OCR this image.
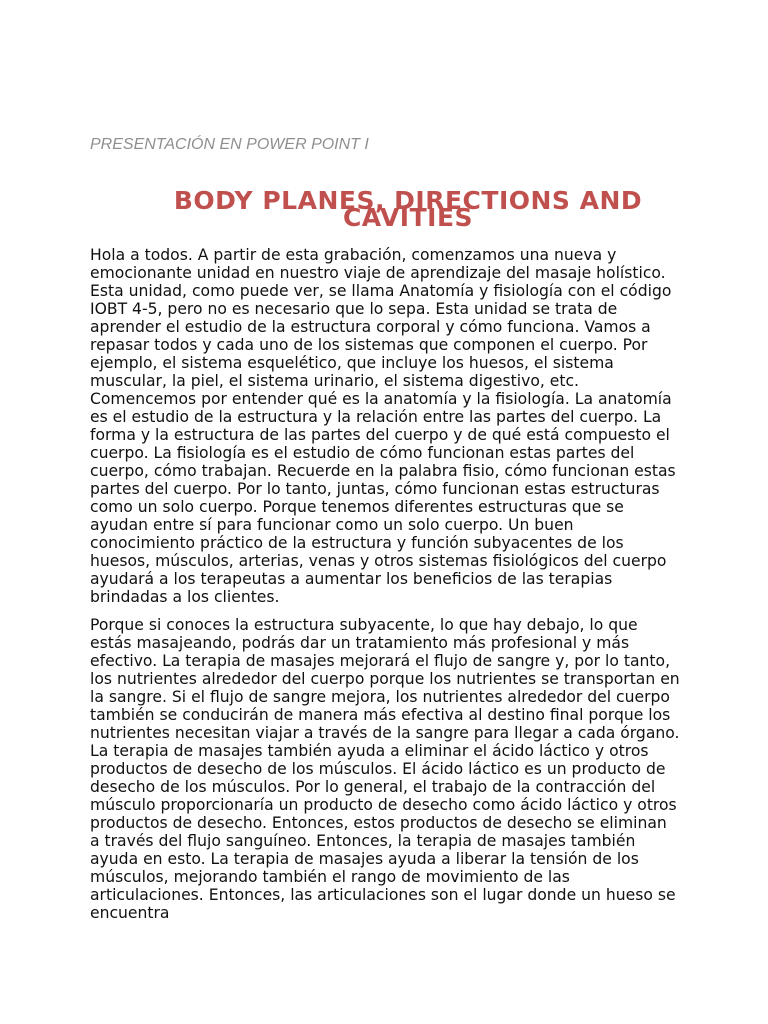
PRESENTACIÓN EN POWER POINT I
BODY PLANES, DIRECTIONS AND CAVITIES

Hola a todos. A partir de esta grabación, comenzamos una nueva y emocionante unidad en nuestro viaje de aprendizaje del masaje holístico. Esta unidad, como puede ver, se llama Anatomía y fisiología con el código IOBT 4-5, pero no es necesario que lo sepa. Esta unidad se trata de aprender el estudio de la estructura corporal y cómo funciona. Vamos a repasar todos y cada uno de los sistemas que componen el cuerpo. Por ejemplo, el sistema esquelético, que incluye los huesos, el sistema muscular, la piel, el sistema urinario, el sistema digestivo, etc. Comencemos por entender qué es la anatomía y la fisiología. La anatomía es el estudio de la estructura y la relación entre las partes del cuerpo. La forma y la estructura de las partes del cuerpo y de qué está compuesto el cuerpo. La fisiología es el estudio de cómo funcionan estas partes del cuerpo, cómo trabajan. Recuerde en la palabra fisio, cómo funcionan estas partes del cuerpo. Por lo tanto, juntas, cómo funcionan estas estructuras como un solo cuerpo. Porque tenemos diferentes estructuras que se ayudan entre sí para funcionar como un solo cuerpo. Un buen conocimiento práctico de la estructura y función subyacentes de los huesos, músculos, arterias, venas y otros sistemas fisiológicos del cuerpo ayudará a los terapeutas a aumentar los beneficios de las terapias brindadas a los clientes.

Porque si conoces la estructura subyacente, lo que hay debajo, lo que estás masajeando, podrás dar un tratamiento más profesional y más efectivo. La terapia de masajes mejorará el flujo de sangre y, por lo tanto, los nutrientes alrededor del cuerpo porque los nutrientes se transportan en la sangre. Si el flujo de sangre mejora, los nutrientes alrededor del cuerpo también se conducirán de manera más efectiva al destino final porque los nutrientes necesitan viajar a través de la sangre para llegar a cada órgano. La terapia de masajes también ayuda a eliminar el ácido láctico y otros productos de desecho de los músculos. El ácido láctico es un producto de desecho de los músculos. Por lo general, el trabajo de la contracción del músculo proporcionaría un producto de desecho como ácido láctico y otros productos de desecho. Entonces, estos productos de desecho se eliminan a través del flujo sanguíneo. Entonces, la terapia de masajes también ayuda en esto. La terapia de masajes ayuda a liberar la tensión de los músculos, mejorando también el rango de movimiento de las articulaciones. Entonces, las articulaciones son el lugar donde un hueso se encuentra
